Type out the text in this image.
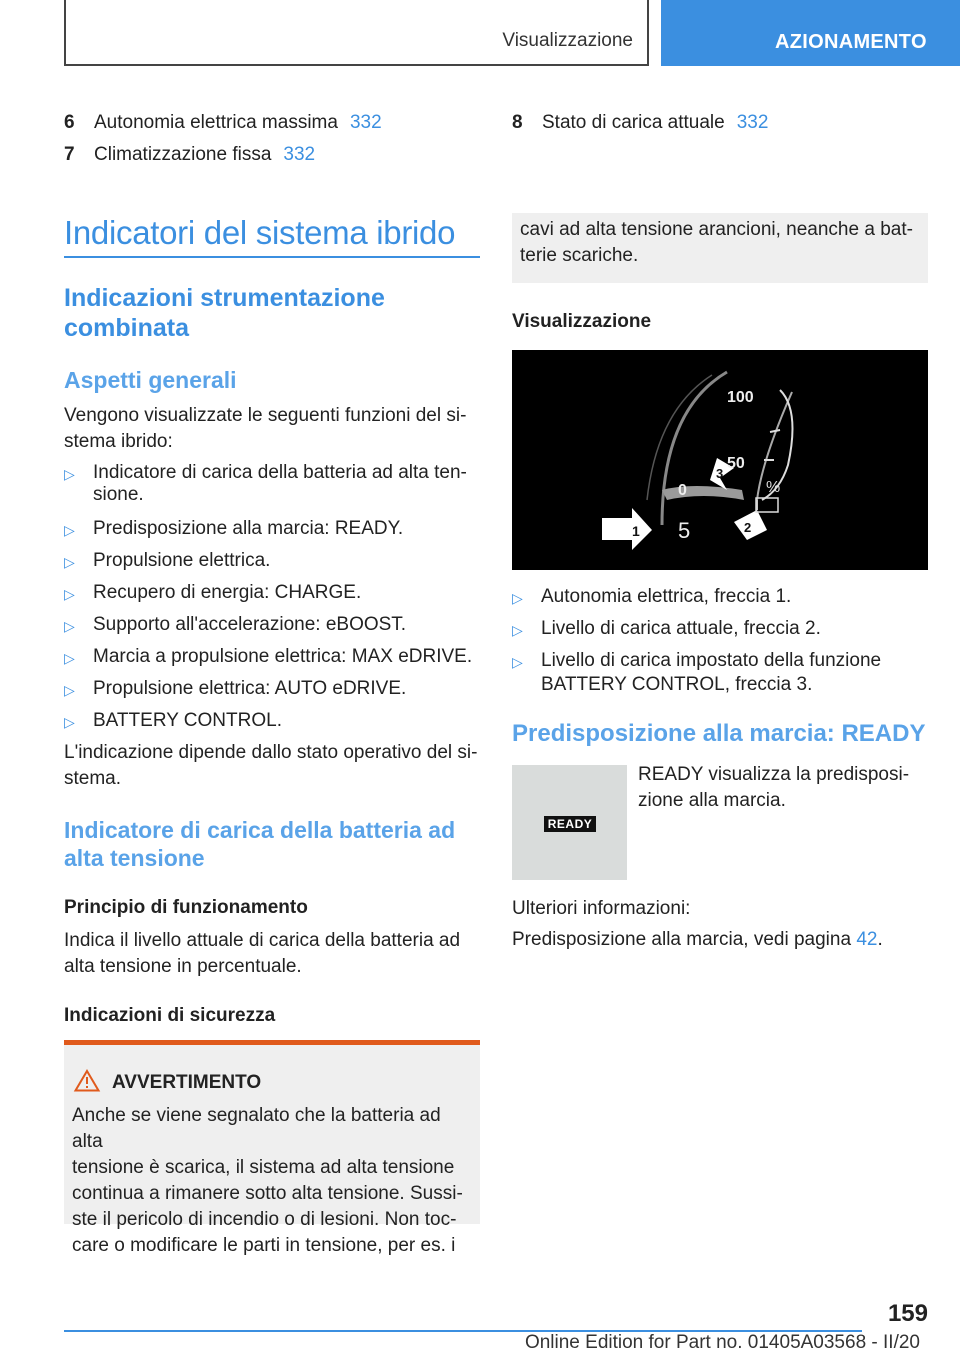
Visualizzazione	AZIONAMENTO
6 Autonomia elettrica massima 332
7 Climatizzazione fissa 332
8 Stato di carica attuale 332
Indicatori del sistema ibrido
Indicazioni strumentazione combinata
Aspetti generali
Vengono visualizzate le seguenti funzioni del si-
stema ibrido:
▷ Indicatore di carica della batteria ad alta ten-
sione.
▷ Predisposizione alla marcia: READY.
▷ Propulsione elettrica.
▷ Recupero di energia: CHARGE.
▷ Supporto all'accelerazione: eBOOST.
▷ Marcia a propulsione elettrica: MAX eDRIVE.
▷ Propulsione elettrica: AUTO eDRIVE.
▷ BATTERY CONTROL.
L'indicazione dipende dallo stato operativo del si-
stema.
Indicatore di carica della batteria ad
alta tensione
Principio di funzionamento
Indica il livello attuale di carica della batteria ad
alta tensione in percentuale.
Indicazioni di sicurezza
AVVERTIMENTO
Anche se viene segnalato che la batteria ad alta
tensione è scarica, il sistema ad alta tensione
continua a rimanere sotto alta tensione. Sussi-
ste il pericolo di incendio o di lesioni. Non toc-
care o modificare le parti in tensione, per es. i
cavi ad alta tensione arancioni, neanche a bat-
terie scariche.
Visualizzazione
100
50
0
5
%
1	2
3
▷ Autonomia elettrica, freccia 1.
▷ Livello di carica attuale, freccia 2.
▷ Livello di carica impostato della funzione
BATTERY CONTROL, freccia 3.
Predisposizione alla marcia: READY
READY
READY visualizza la predisposi-
zione alla marcia.
Ulteriori informazioni:
Predisposizione alla marcia, vedi pagina 42.
159
Online Edition for Part no. 01405A03568 - II/20
